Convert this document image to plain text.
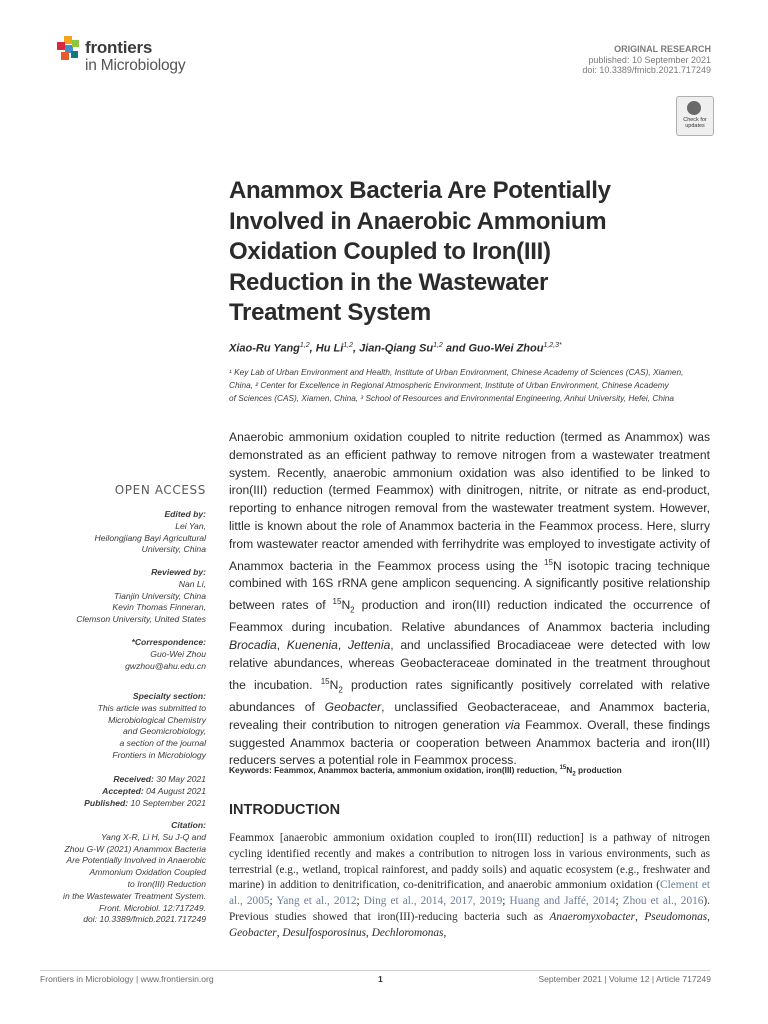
frontiers
in Microbiology
ORIGINAL RESEARCH
published: 10 September 2021
doi: 10.3389/fmicb.2021.717249
Check for
updates
Anammox Bacteria Are Potentially
Involved in Anaerobic Ammonium
Oxidation Coupled to Iron(III)
Reduction in the Wastewater
Treatment System
Xiao-Ru Yang$^{1,2}$, Hu Li$^{1,2}$, Jian-Qiang Su$^{1,2}$ and Guo-Wei Zhou$^{1,2,3*}$
¹ Key Lab of Urban Environment and Health, Institute of Urban Environment, Chinese Academy of Sciences (CAS), Xiamen,
China, ² Center for Excellence in Regional Atmospheric Environment, Institute of Urban Environment, Chinese Academy
of Sciences (CAS), Xiamen, China, ³ School of Resources and Environmental Engineering, Anhui University, Hefei, China
OPEN ACCESS
Edited by:
Lei Yan,
Heilongjiang Bayi Agricultural
University, China
Reviewed by:
Nan Li,
Tianjin University, China
Kevin Thomas Finneran,
Clemson University, United States
*Correspondence:
Guo-Wei Zhou
gwzhou@ahu.edu.cn
Specialty section:
This article was submitted to
Microbiological Chemistry
and Geomicrobiology,
a section of the journal
Frontiers in Microbiology
Received: 30 May 2021
Accepted: 04 August 2021
Published: 10 September 2021
Citation:
Yang X-R, Li H, Su J-Q and
Zhou G-W (2021) Anammox Bacteria
Are Potentially Involved in Anaerobic
Ammonium Oxidation Coupled
to Iron(III) Reduction
in the Wastewater Treatment System.
Front. Microbiol. 12:717249.
doi: 10.3389/fmicb.2021.717249

Anaerobic ammonium oxidation coupled to nitrite reduction (termed as Anammox) was demonstrated as an efficient pathway to remove nitrogen from a wastewater treatment system. Recently, anaerobic ammonium oxidation was also identified to be linked to iron(III) reduction (termed Feammox) with dinitrogen, nitrite, or nitrate as end-product, reporting to enhance nitrogen removal from the wastewater treatment system. However, little is known about the role of Anammox bacteria in the Feammox process. Here, slurry from wastewater reactor amended with ferrihydrite was employed to investigate activity of Anammox bacteria in the Feammox process using the $^{15}$N isotopic tracing technique combined with 16S rRNA gene amplicon sequencing. A significantly positive relationship between rates of $^{15}N_2$ production and iron(III) reduction indicated the occurrence of Feammox during incubation. Relative abundances of Anammox bacteria including Brocadia, Kuenenia, Jettenia, and unclassified Brocadiaceae were detected with low relative abundances, whereas Geobacteraceae dominated in the treatment throughout the incubation. $^{15}N_2$ production rates significantly positively correlated with relative abundances of Geobacter, unclassified Geobacteraceae, and Anammox bacteria, revealing their contribution to nitrogen generation via Feammox. Overall, these findings suggested Anammox bacteria or cooperation between Anammox bacteria and iron(III) reducers serves a potential role in Feammox process.

Keywords: Feammox, Anammox bacteria, ammonium oxidation, iron(III) reduction, $^{15}N_2$ production
INTRODUCTION

Feammox [anaerobic ammonium oxidation coupled to iron(III) reduction] is a pathway of nitrogen cycling identified recently and makes a contribution to nitrogen loss in various environments, such as terrestrial (e.g., wetland, tropical rainforest, and paddy soils) and aquatic ecosystem (e.g., freshwater and marine) in addition to denitrification, co-denitrification, and anaerobic ammonium oxidation (Clement et al., 2005; Yang et al., 2012; Ding et al., 2014, 2017, 2019; Huang and Jaffé, 2014; Zhou et al., 2016). Previous studies showed that iron(III)-reducing bacteria such as Anaeromyxobacter, Pseudomonas, Geobacter, Desulfosporosinus, Dechloromonas,

Frontiers in Microbiology | www.frontiersin.org	1	September 2021 | Volume 12 | Article 717249
